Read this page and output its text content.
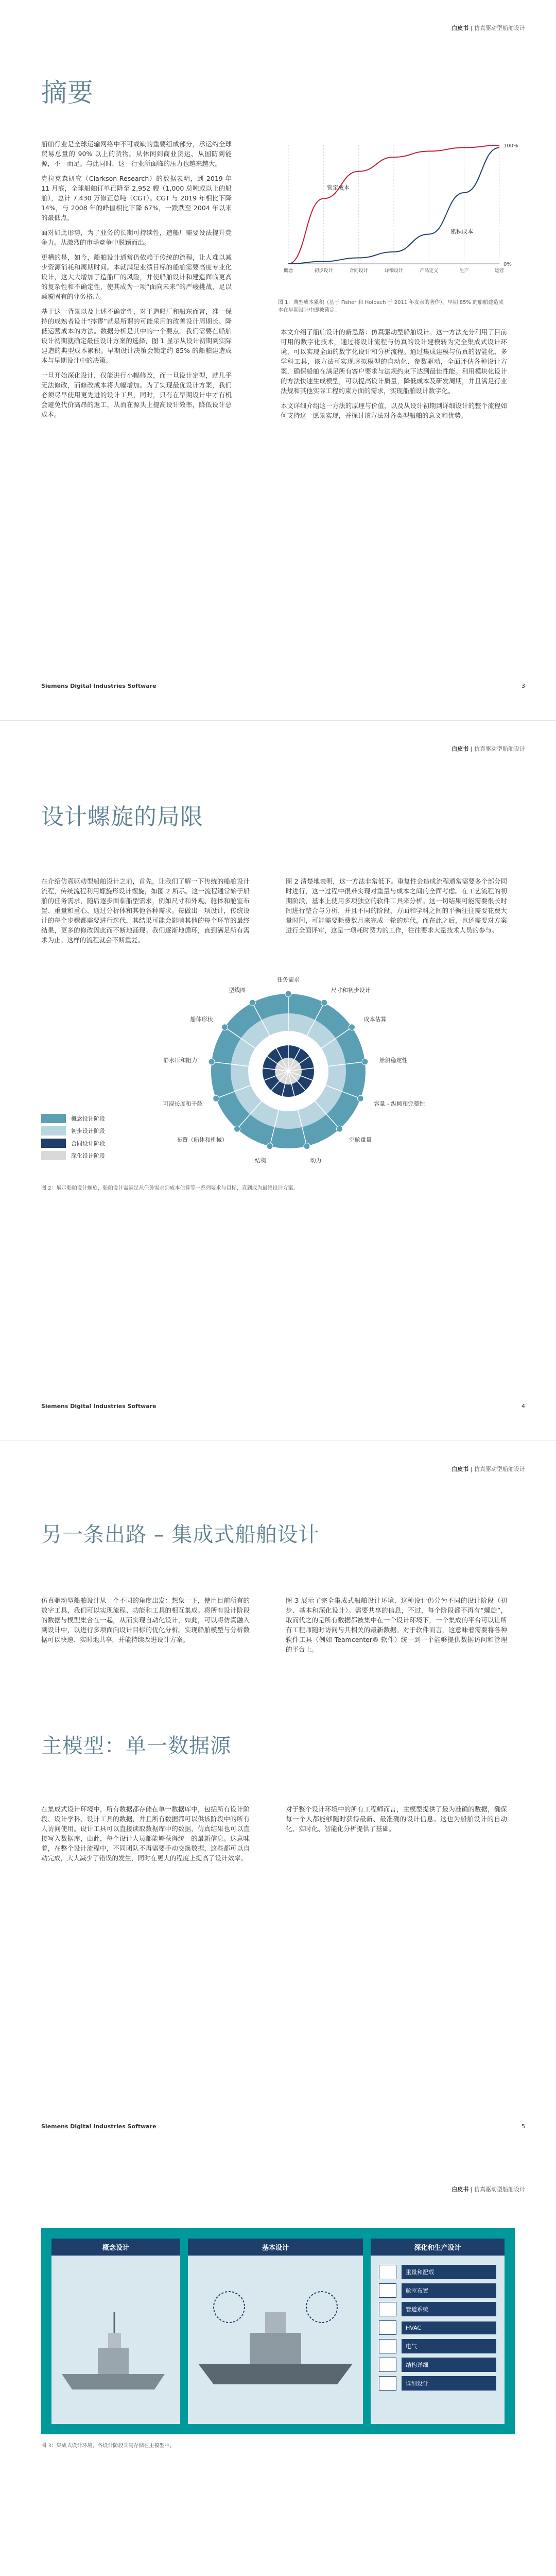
白皮书 | 仿真驱动型船舶设计
摘要

船舶行业是全球运输网络中不可或缺的重要组成部分，承运约全球贸易总量的 90% 以上的货物。从休闲到商业货运、从国防到能源，不一而足。与此同时，这一行业所面临的压力也越来越大。

克拉克森研究（Clarkson Research）的数据表明，到 2019 年 11 月底，全球船舶订单已降至 2,952 艘（1,000 总吨或以上的船舶），总计 7,430 万修正总吨（CGT）。CGT 与 2019 年相比下降 14%，与 2008 年的峰值相比下降 67%，一跌跌至 2004 年以来的最低点。

面对如此形势，为了业务的长期可持续性，造船厂需要设法提升竞争力。从激烈的市场竞争中脱颖而出。

更糟的是，如今，船舶设计通常仍依赖于传统的流程，让人难以减少资源消耗和周期时间。本就满足业绩目标的船舶需要高度专业化设计，这大大增加了造船厂的风险，并使船舶设计和建造面临更高的复杂性和不确定性，使其成为一项“面向未来”的严峻挑战，足以颠覆固有的业务格局。

基于这一背景以及上述不确定性，对于造船厂和船东而言，准一保持的成熟者设计“摔谬”就是所谓的可能采用的改善设计周期长、降低运营成本的方法。数据分析是其中的一个要点。我们需要在船舶设计初期就确定最佳设计方案的选择，图 1 显示从设计初期到实际建造的典型成本累积。早期设计决策会锁定约 85% 的船舶建造成本与早期设计中的决策。

一旦开始深化设计，仅能进行小幅修改，而一旦设计定型，就几乎无法修改，而修改成本将大幅增加。为了实现最优设计方案，我们必须尽早使用更先进的设计工具，同时，只有在早期设计中才有机会避免代价高昂的返工，从而在源头上提高设计效率，降低设计总成本。

100%
0%
锁定成本
累积成本
概念	初步设计	合同设计	详细设计	产品定义	生产	运营
图 1：典型成本累积（基于 Fisher 和 Holbach 于 2011 年发表的著作）。早期 85% 的船舶建造成本在早期设计中即被锁定。

本文介绍了船舶设计的新思路：仿真驱动型船舶设计。这一方法充分利用了目前可用的数字化技术，通过将设计流程与仿真的设计建模转为完全集成式设计环境，可以实现全面的数字化设计和分析流程。通过集成建模与仿真的智能化、多学科工具，该方法可实现虚拟模型的自动化、参数驱动，全面评估各种设计方案，确保船舶在满足所有客户要求与法规约束下达到最佳性能。利用模块化设计的方法快速生成模型，可以提高设计质量，降低成本及研发周期，并且满足行业法规和其他实际工程约束方面的需求，实现船舶设计数字化。

本文详细介绍这一方法的原理与价值，以及从设计初期到详细设计的整个流程如何支持这一愿景实现，并探讨该方法对各类型船舶的意义和优势。

Siemens Digital Industries Software	3
白皮书 | 仿真驱动型船舶设计
设计螺旋的局限

在介绍仿真驱动型船舶设计之前，首先，让我们了解一下传统的船舶设计流程，传统流程利用螺旋形设计螺旋，如图 2 所示。这一流程通常始于船舶的任务需求，随后逐步面临船型需求，例如尺寸和外观、舱体和舱室布置、重量和重心、通过分析体和其他各种需求。每做出一项设计，传统设计的每个步骤都需要进行迭代，其结果可能会影响其他的每个环节的最终结果，更多的修改因此而不断地涌现。我们逐渐地循环，直到满足所有需求为止。这样的流程就会不断重复。

图 2 清楚地表明，这一方法非常低下。重复性会造成流程通常需要多个部分同时进行，这一过程中很难实现对重量与成本之间的全面考虑。在工艺流程的初期阶段，基本上使用多项独立的软件工具来分析。这一切结果可能需要很长时间进行整合与分析，并且不同的阶段、方面和学科之间的平衡往往需要花费大量时间，可能需要耗费数月来完成一轮的迭代，而在此之后，也还需要对方案进行全面评审，这是一项耗时费力的工作，往往要求大量技术人员的参与。

任务需求
尺寸和初步设计
成本估算
舱船稳定性
容量 - 纵倾和完整性
空舱重量
动力
结构
布置（船体和机械）
可浸长度和干舷
静水压和阻力
船体形状
型线图
概念设计阶段
初步设计阶段
合同设计阶段
深化设计阶段
图 2：展示船舶设计螺旋，船舶设计需满足从任务需求到成本估算等一系列要求与目标，直到成为最终设计方案。
Siemens Digital Industries Software	4
白皮书 | 仿真驱动型船舶设计
另一条出路 – 集成式船舶设计

仿真驱动型船舶设计从一个不同的角度出发：想象一下，使用目前所有的数字工具，我们可以实现流程、功能和工具的相互集成。将所有设计阶段的数据与模型集合在一起，从而实现自动化设计，如此，可以将仿真融入到设计中，以进行多项面向设计目标的优化分析。实现船舶模型与分析数据可以快速、实时地共享，并能持续改进设计方案。

图 3 展示了完全集成式船舶设计环境，这种设计仍分为不同的设计阶段（初步、基本和深化设计）。需要共享的信息，不过，每个阶段都不再有“螺旋”，取而代之的是所有数据都被集中在一个设计环境下，一个集成的平台可以让所有工程师随时访问与其相关的最新数据。对于软件而言，这意味着需要将各种软件工具（例如 Teamcenter® 软件）统一到一个能够提供数据访问和管理的平台上。

主模型：单一数据源

在集成式设计环境中，所有数据都存储在单一数据库中，包括所有设计阶段、设计学科、设计工具的数据，并且所有数据都可以供该阶段中的所有人访问使用。设计工具可以直接读取数据库中的数据，仿真结果也可以直接写入数据库，由此，每个设计人员都能够获得统一的最新信息。这意味着，在整个设计流程中，不同团队不再需要手动交换数据，这些都可以自动完成，大大减少了错误的发生，同时在更大的程度上提高了设计效率。

对于整个设计环境中的所有工程师而言，主模型提供了最为准确的数据，确保每一个人都能够随时获得最新、最准确的设计信息。这也为船舶设计的自动化、实时化、智能化分析提供了基础。

Siemens Digital Industries Software	5
白皮书 | 仿真驱动型船舶设计
概念设计	基本设计	深化和生产设计
重量和配载
舱室布置
管道系统
HVAC
电气
结构详细
详细设计
图 3：集成式设计环境。各设计阶段共同存储在主模型中。
